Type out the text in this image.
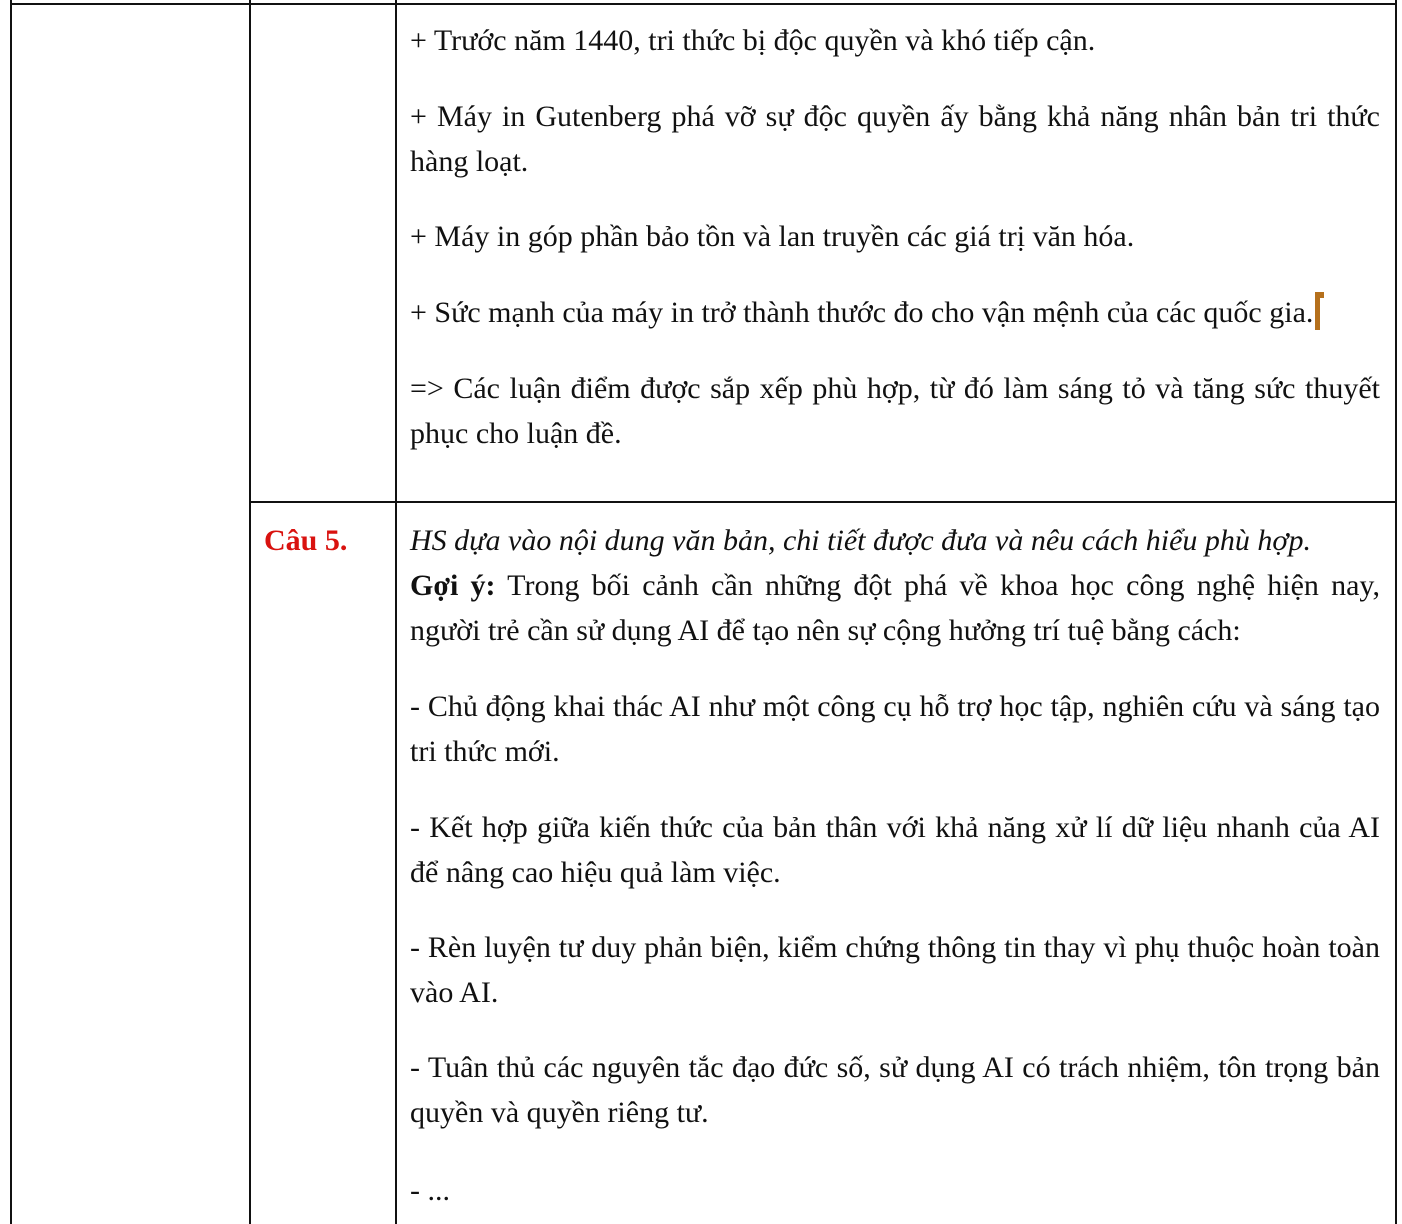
+ Trước năm 1440, tri thức bị độc quyền và khó tiếp cận.

+ Máy in Gutenberg phá vỡ sự độc quyền ấy bằng khả năng nhân bản tri thức hàng loạt.

+ Máy in góp phần bảo tồn và lan truyền các giá trị văn hóa.

+ Sức mạnh của máy in trở thành thước đo cho vận mệnh của các quốc gia.

=> Các luận điểm được sắp xếp phù hợp, từ đó làm sáng tỏ và tăng sức thuyết phục cho luận đề.

Câu 5. HS dựa vào nội dung văn bản, chi tiết được đưa và nêu cách hiểu phù hợp.

Gợi ý: Trong bối cảnh cần những đột phá về khoa học công nghệ hiện nay, người trẻ cần sử dụng AI để tạo nên sự cộng hưởng trí tuệ bằng cách:

- Chủ động khai thác AI như một công cụ hỗ trợ học tập, nghiên cứu và sáng tạo tri thức mới.

- Kết hợp giữa kiến thức của bản thân với khả năng xử lí dữ liệu nhanh của AI để nâng cao hiệu quả làm việc.

- Rèn luyện tư duy phản biện, kiểm chứng thông tin thay vì phụ thuộc hoàn toàn vào AI.

- Tuân thủ các nguyên tắc đạo đức số, sử dụng AI có trách nhiệm, tôn trọng bản quyền và quyền riêng tư.

- ...
